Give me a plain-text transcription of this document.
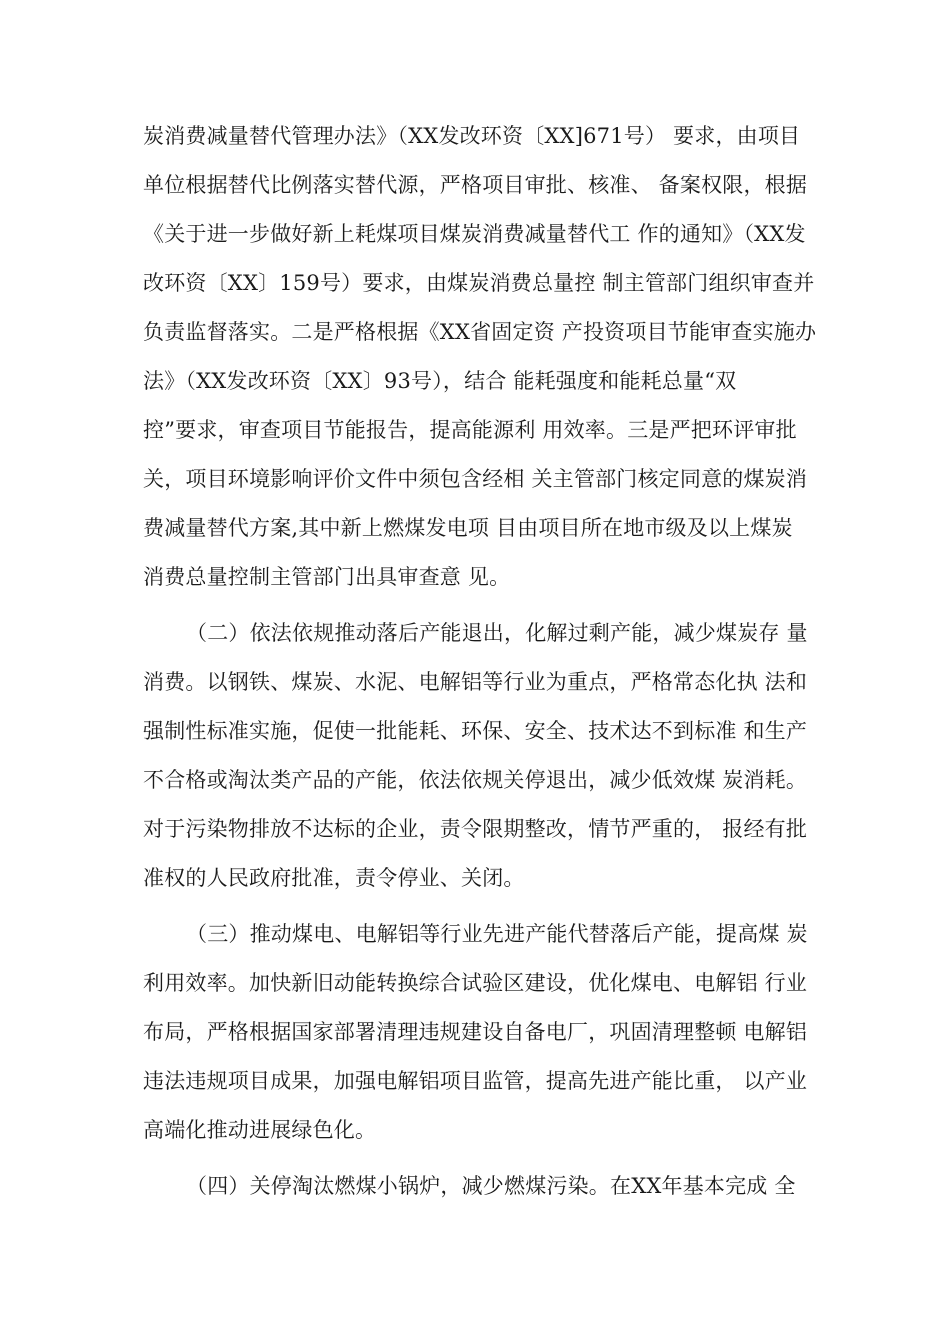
炭消费减量替代管理办法》（XX发改环资〔XX]671号） 要求，由项目
单位根据替代比例落实替代源，严格项目审批、核准、 备案权限，根据
《关于进一步做好新上耗煤项目煤炭消费减量替代工 作的通知》（XX发
改环资〔XX〕159号）要求，由煤炭消费总量控 制主管部门组织审查并
负责监督落实。二是严格根据《XX省固定资 产投资项目节能审查实施办
法》（XX发改环资〔XX〕93号），结合 能耗强度和能耗总量“双
控”要求，审查项目节能报告，提高能源利 用效率。三是严把环评审批
关，项目环境影响评价文件中须包含经相 关主管部门核定同意的煤炭消
费减量替代方案,其中新上燃煤发电项 目由项目所在地市级及以上煤炭
消费总量控制主管部门出具审查意 见。
（二）依法依规推动落后产能退出，化解过剩产能，减少煤炭存 量
消费。以钢铁、煤炭、水泥、电解铝等行业为重点，严格常态化执 法和
强制性标准实施，促使一批能耗、环保、安全、技术达不到标准 和生产
不合格或淘汰类产品的产能，依法依规关停退出，减少低效煤 炭消耗。
对于污染物排放不达标的企业，责令限期整改，情节严重的， 报经有批
准权的人民政府批准，责令停业、关闭。
（三）推动煤电、电解铝等行业先进产能代替落后产能，提高煤 炭
利用效率。加快新旧动能转换综合试验区建设，优化煤电、电解铝 行业
布局，严格根据国家部署清理违规建设自备电厂，巩固清理整顿 电解铝
违法违规项目成果，加强电解铝项目监管，提高先进产能比重， 以产业
高端化推动进展绿色化。
（四）关停淘汰燃煤小锅炉，减少燃煤污染。在XX年基本完成 全
